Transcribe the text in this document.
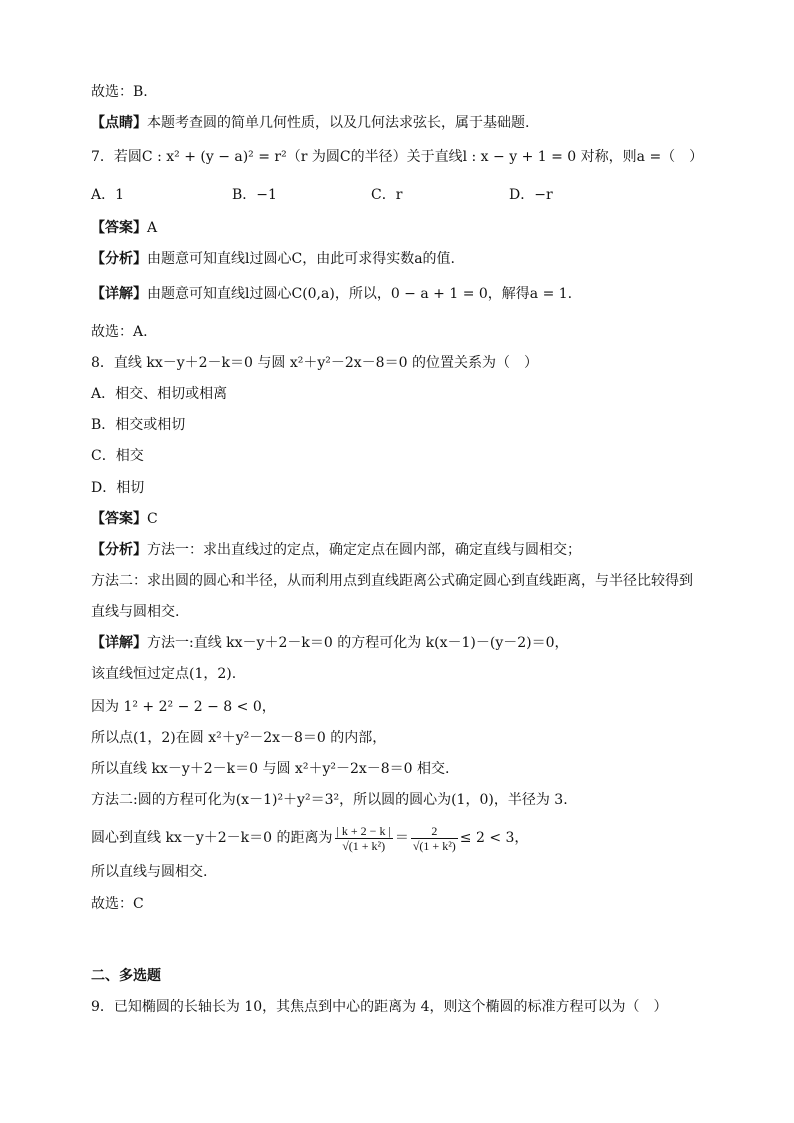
故选：B.
【点睛】本题考查圆的简单几何性质，以及几何法求弦长，属于基础题.
7．若圆C : x² + (y − a)² = r²（r 为圆C的半径）关于直线l : x − y + 1 = 0 对称，则a =（　）
A．1	B．−1	C．r	D．−r
【答案】A
【分析】由题意可知直线l过圆心C，由此可求得实数a的值.
【详解】由题意可知直线l过圆心C(0,a)，所以，0 − a + 1 = 0，解得a = 1.
故选：A.
8．直线 kx－y＋2－k＝0 与圆 x²＋y²－2x－8＝0 的位置关系为（　）
A．相交、相切或相离
B．相交或相切
C．相交
D．相切
【答案】C
【分析】方法一：求出直线过的定点，确定定点在圆内部，确定直线与圆相交；
方法二：求出圆的圆心和半径，从而利用点到直线距离公式确定圆心到直线距离，与半径比较得到
直线与圆相交.
【详解】方法一:直线 kx－y＋2－k＝0 的方程可化为 k(x－1)－(y－2)＝0，
该直线恒过定点(1，2).
因为 1² + 2² − 2 − 8 < 0，
所以点(1，2)在圆 x²＋y²－2x－8＝0 的内部，
所以直线 kx－y＋2－k＝0 与圆 x²＋y²－2x－8＝0 相交.
方法二:圆的方程可化为(x－1)²＋y²＝3²，所以圆的圆心为(1，0)，半径为 3.
圆心到直线 kx－y＋2－k＝0 的距离为 $\frac{| k + 2 - k |}{\text{√(1 + k²)}} = \frac{2}{\text{√(1 + k²)}} \le 2 < 3$，
所以直线与圆相交.
故选：C
二、多选题
9．已知椭圆的长轴长为 10，其焦点到中心的距离为 4，则这个椭圆的标准方程可以为（　）
